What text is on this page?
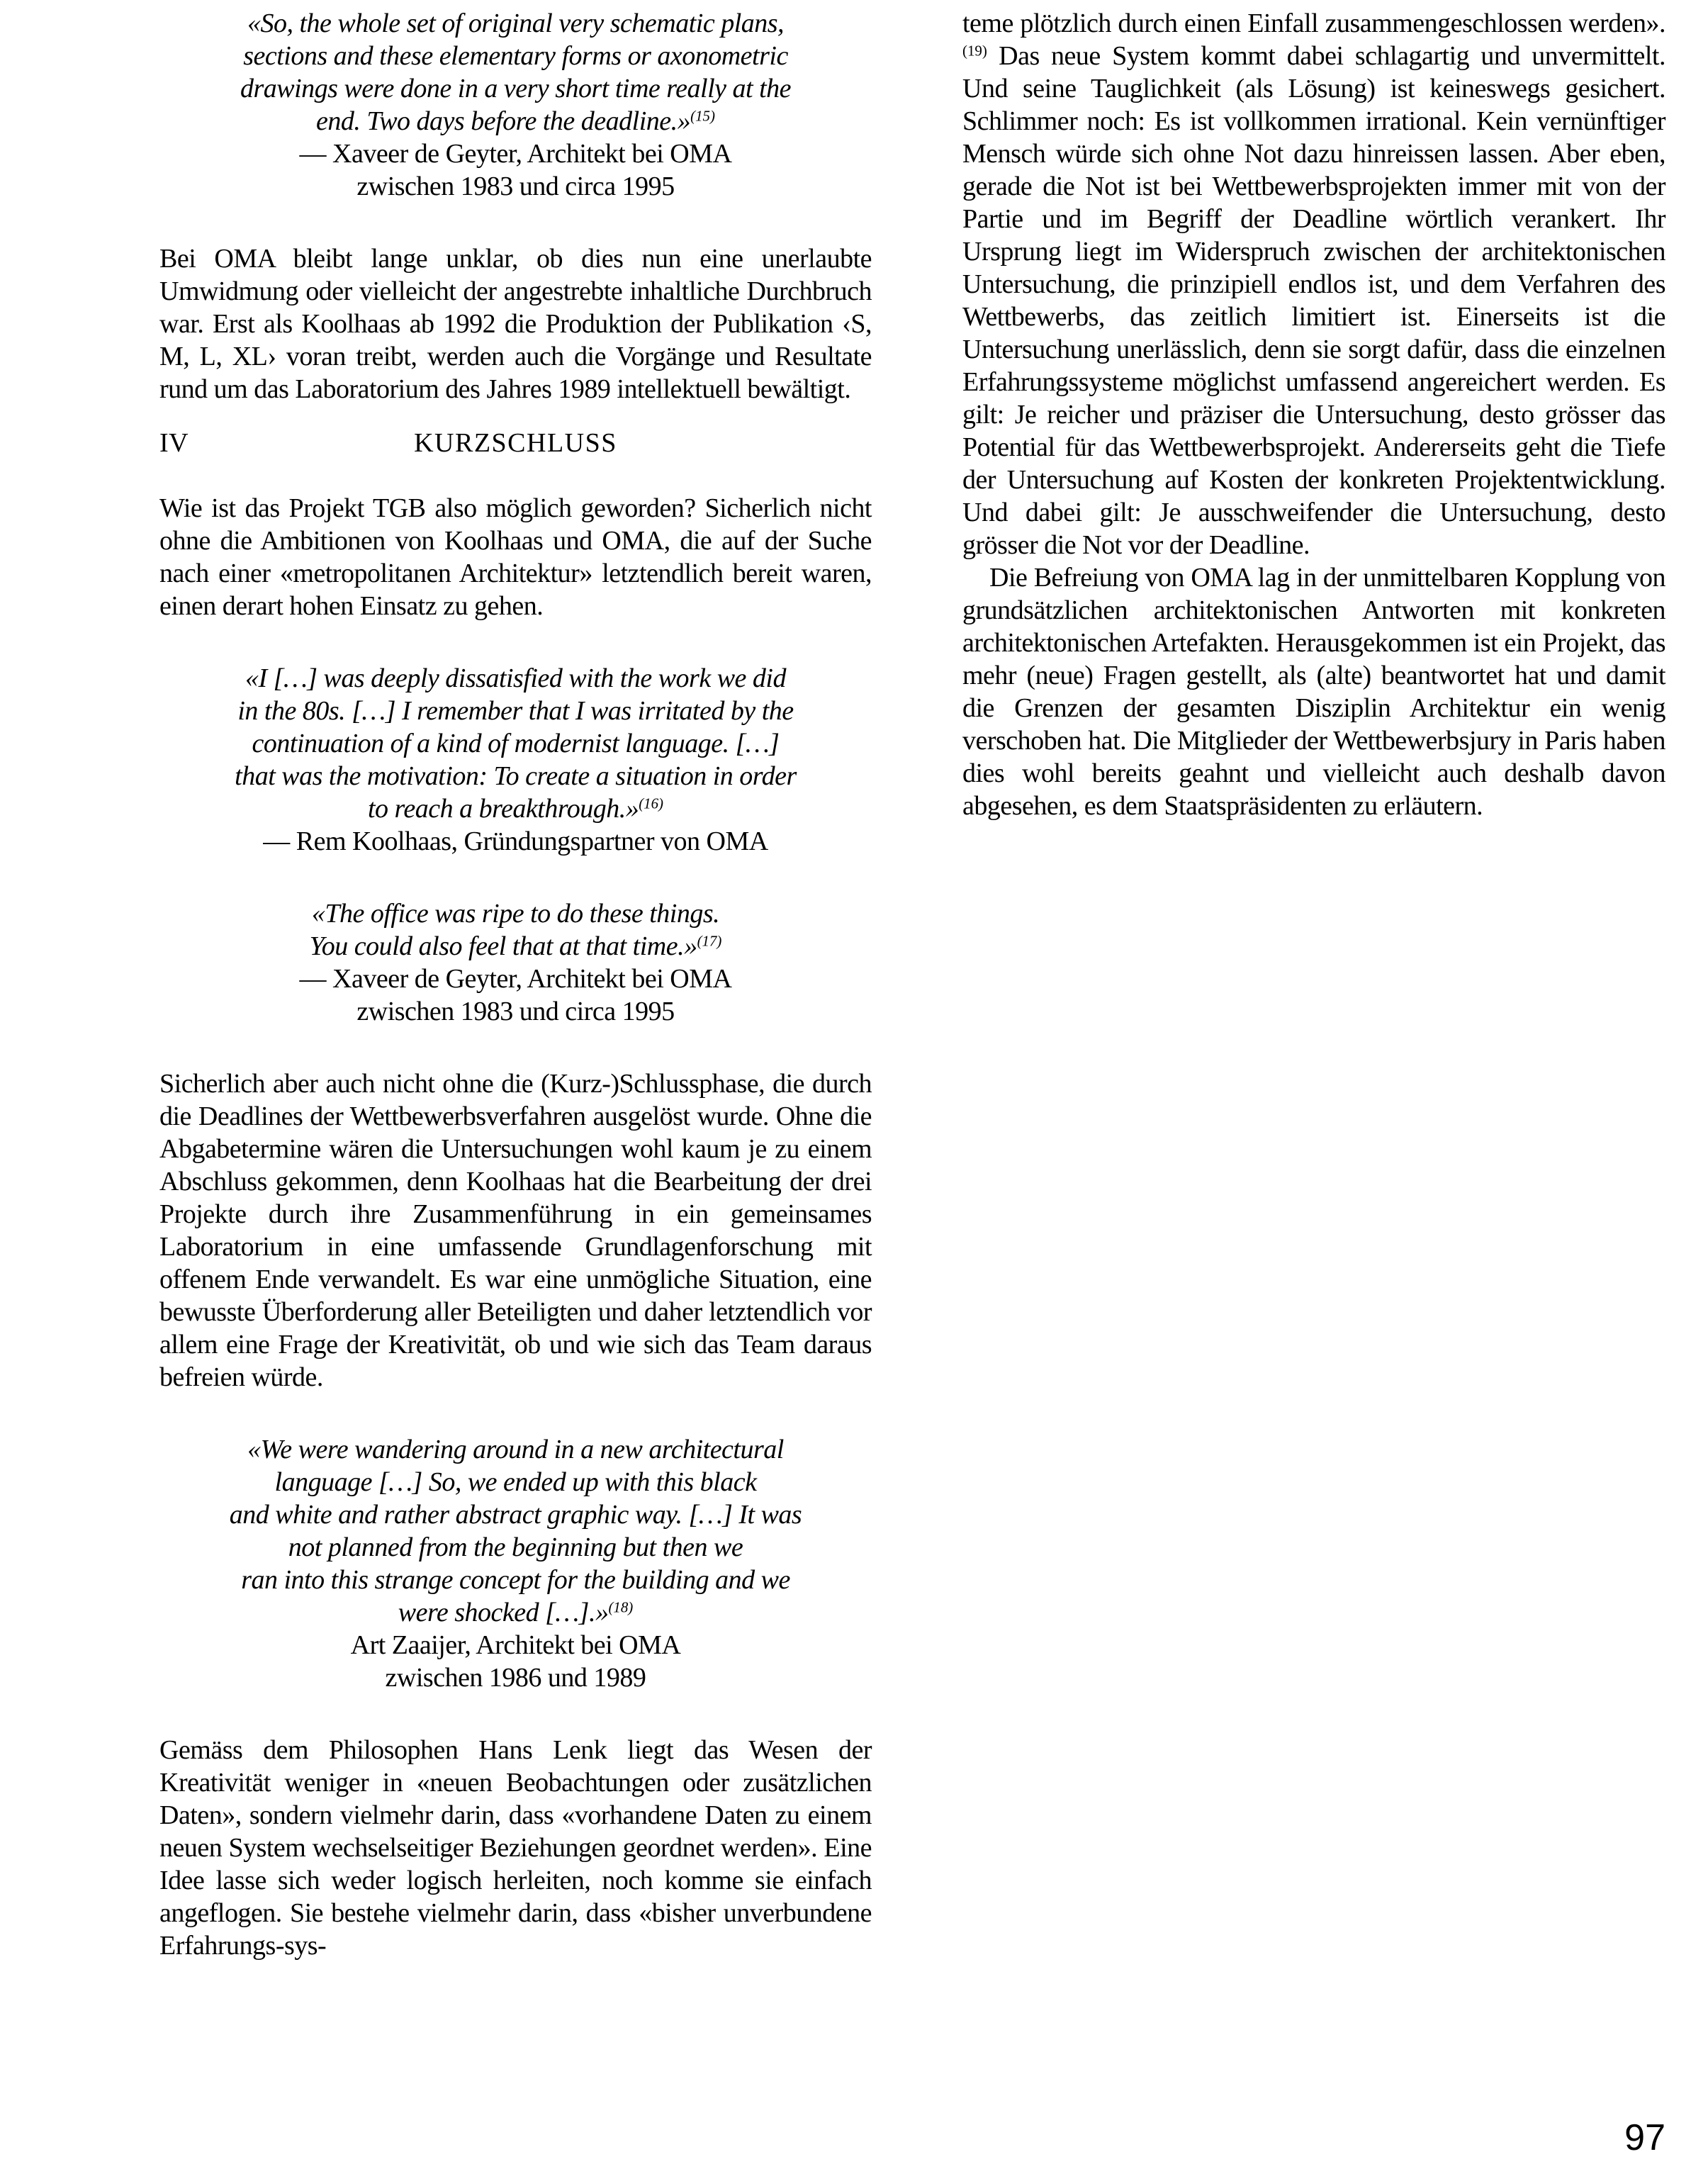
«So, the whole set of original very schematic plans,
sections and these elementary forms or axonometric
drawings were done in a very short time really at the
end. Two days before the deadline.»$^{(15)}$
— Xaveer de Geyter, Architekt bei OMA
zwischen 1983 und circa 1995

Bei OMA bleibt lange unklar, ob dies nun eine unerlaubte Umwidmung oder vielleicht der angestrebte inhaltliche Durchbruch war. Erst als Koolhaas ab 1992 die Produktion der Publikation ‹S, M, L, XL› voran treibt, werden auch die Vorgänge und Resultate rund um das Laboratorium des Jahres 1989 intellektuell bewältigt.

IV	KURZSCHLUSS

Wie ist das Projekt TGB also möglich geworden? Sicherlich nicht ohne die Ambitionen von Koolhaas und OMA, die auf der Suche nach einer «metropolitanen Architektur» letztendlich bereit waren, einen derart hohen Einsatz zu gehen.

«I […] was deeply dissatisfied with the work we did
in the 80s. […] I remember that I was irritated by the
continuation of a kind of modernist language. […]
that was the motivation: To create a situation in order
to reach a breakthrough.»$^{(16)}$
— Rem Koolhaas, Gründungspartner von OMA
«The office was ripe to do these things.
You could also feel that at that time.»$^{(17)}$
— Xaveer de Geyter, Architekt bei OMA
zwischen 1983 und circa 1995

Sicherlich aber auch nicht ohne die (Kurz-)Schlussphase, die durch die Deadlines der Wettbewerbsverfahren ausgelöst wurde. Ohne die Abgabetermine wären die Untersuchungen wohl kaum je zu einem Abschluss gekommen, denn Koolhaas hat die Bearbeitung der drei Projekte durch ihre Zusammenführung in ein gemeinsames Laboratorium in eine umfassende Grundlagenforschung mit offenem Ende verwandelt. Es war eine unmögliche Situation, eine bewusste Überforderung aller Beteiligten und daher letztendlich vor allem eine Frage der Kreativität, ob und wie sich das Team daraus befreien würde.

«We were wandering around in a new architectural
language […] So, we ended up with this black
and white and rather abstract graphic way. […] It was
not planned from the beginning but then we
ran into this strange concept for the building and we
were shocked […].»$^{(18)}$
Art Zaaijer, Architekt bei OMA
zwischen 1986 und 1989

Gemäss dem Philosophen Hans Lenk liegt das Wesen der Kreativität weniger in «neuen Beobachtungen oder zusätzlichen Daten», sondern vielmehr darin, dass «vorhandene Daten zu einem neuen System wechselseitiger Beziehungen geordnet werden». Eine Idee lasse sich weder logisch herleiten, noch komme sie einfach angeflogen. Sie bestehe vielmehr darin, dass «bisher unverbundene Erfahrungs-sys-

teme plötzlich durch einen Einfall zusammengeschlossen werden».$^{(19)}$ Das neue System kommt dabei schlagartig und unvermittelt. Und seine Tauglichkeit (als Lösung) ist keineswegs gesichert. Schlimmer noch: Es ist vollkommen irrational. Kein vernünftiger Mensch würde sich ohne Not dazu hinreissen lassen. Aber eben, gerade die Not ist bei Wettbewerbsprojekten immer mit von der Partie und im Begriff der Deadline wörtlich verankert. Ihr Ursprung liegt im Widerspruch zwischen der architektonischen Untersuchung, die prinzipiell endlos ist, und dem Verfahren des Wettbewerbs, das zeitlich limitiert ist. Einerseits ist die Untersuchung unerlässlich, denn sie sorgt dafür, dass die einzelnen Erfahrungssysteme möglichst umfassend angereichert werden. Es gilt: Je reicher und präziser die Untersuchung, desto grösser das Potential für das Wettbewerbsprojekt. Andererseits geht die Tiefe der Untersuchung auf Kosten der konkreten Projektentwicklung. Und dabei gilt: Je ausschweifender die Untersuchung, desto grösser die Not vor der Deadline.

Die Befreiung von OMA lag in der unmittelbaren Kopplung von grundsätzlichen architektonischen Antworten mit konkreten architektonischen Artefakten. Herausgekommen ist ein Projekt, das mehr (neue) Fragen gestellt, als (alte) beantwortet hat und damit die Grenzen der gesamten Disziplin Architektur ein wenig verschoben hat. Die Mitglieder der Wettbewerbsjury in Paris haben dies wohl bereits geahnt und vielleicht auch deshalb davon abgesehen, es dem Staatspräsidenten zu erläutern.

97
